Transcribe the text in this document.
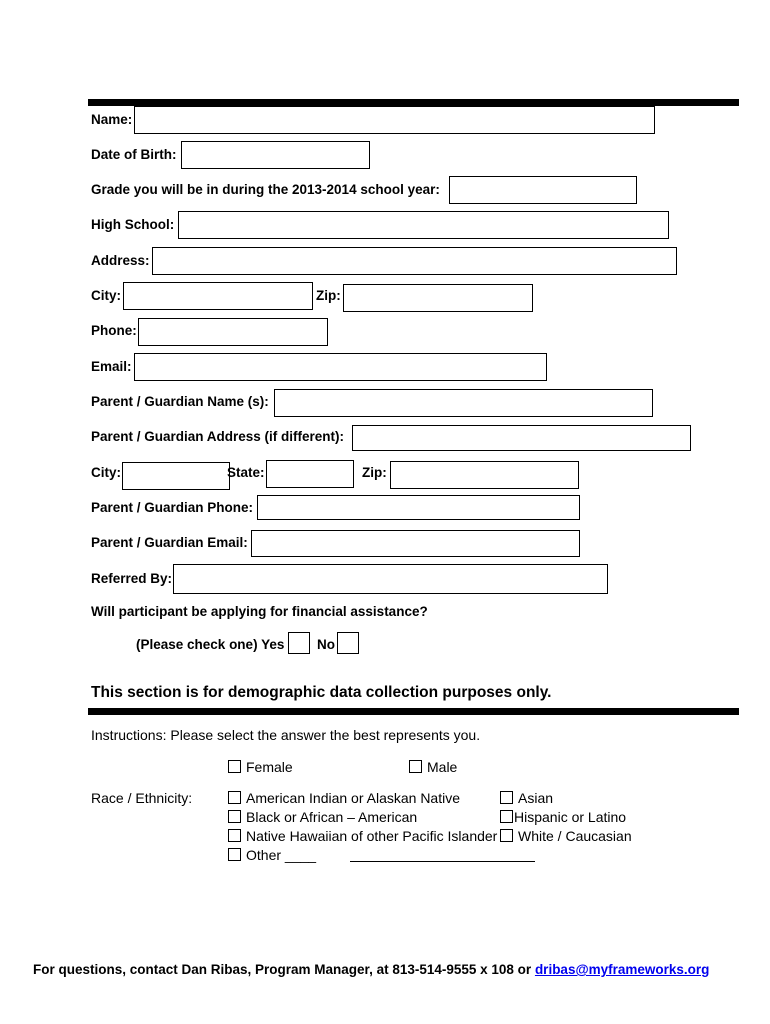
Name:
Date of Birth:
Grade you will be in during the 2013-2014 school year:
High School:
Address:
City:	Zip:
Phone:
Email:
Parent / Guardian Name (s):
Parent / Guardian Address (if different):
City:	State:	Zip:
Parent / Guardian Phone:
Parent / Guardian Email:
Referred By:
Will participant be applying for financial assistance?
(Please check one) Yes No
This section is for demographic data collection purposes only.
Instructions: Please select the answer the best represents you.
Female	Male
Race / Ethnicity:	American Indian or Alaskan Native	Asian
Black or African – American	Hispanic or Latino
Native Hawaiian of other Pacific Islander White / Caucasian
Other ____
For questions, contact Dan Ribas, Program Manager, at 813-514-9555 x 108 or dribas@myframeworks.org
